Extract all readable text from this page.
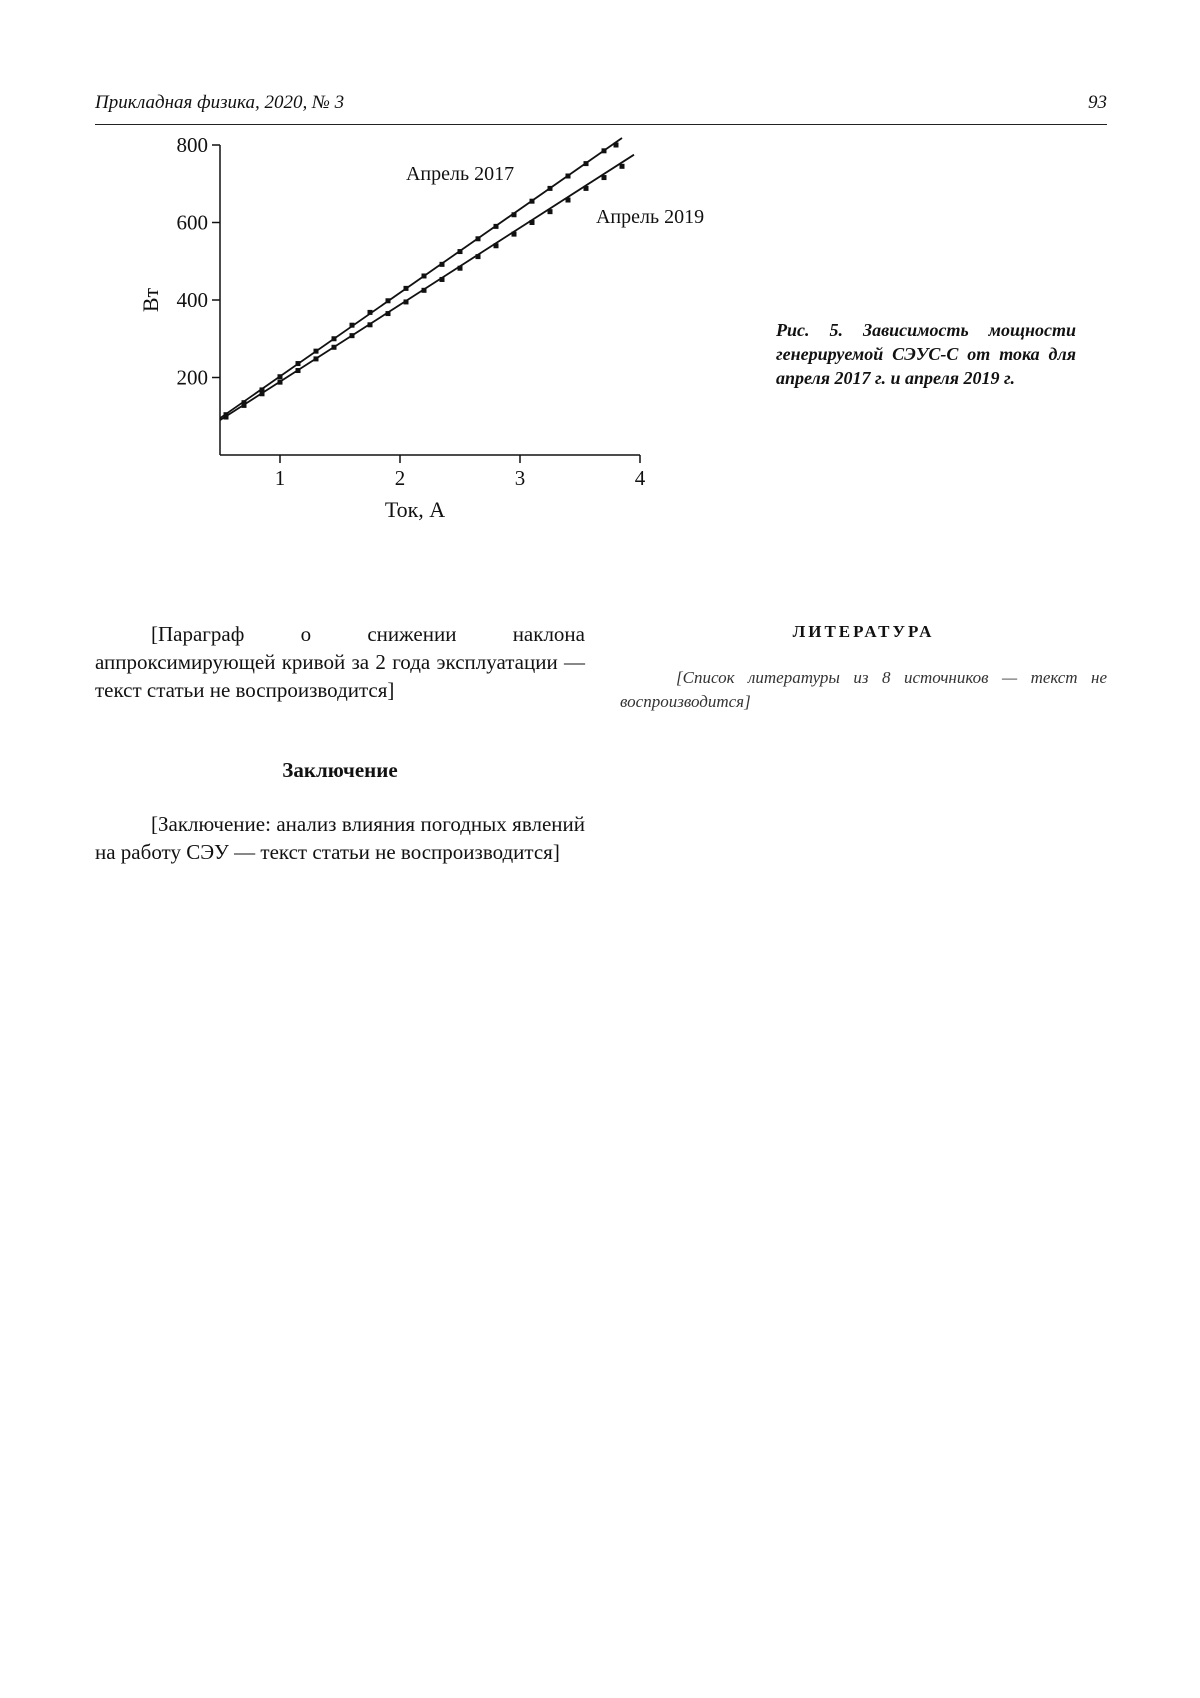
Прикладная физика, 2020, № 3	93
200
400
600
800
1	2	3	4
Ток, А
Вт
Апрель 2017
Апрель 2019
Рис. 5. Зависимость мощности генерируемой СЭУС-С от тока для апреля 2017 г. и апреля 2019 г.

[Параграф о снижении наклона аппроксимирующей кривой за 2 года эксплуатации — текст статьи не воспроизводится]

Заключение

[Заключение: анализ влияния погодных явлений на работу СЭУ — текст статьи не воспроизводится]

ЛИТЕРАТУРА

[Список литературы из 8 источников — текст не воспроизводится]
